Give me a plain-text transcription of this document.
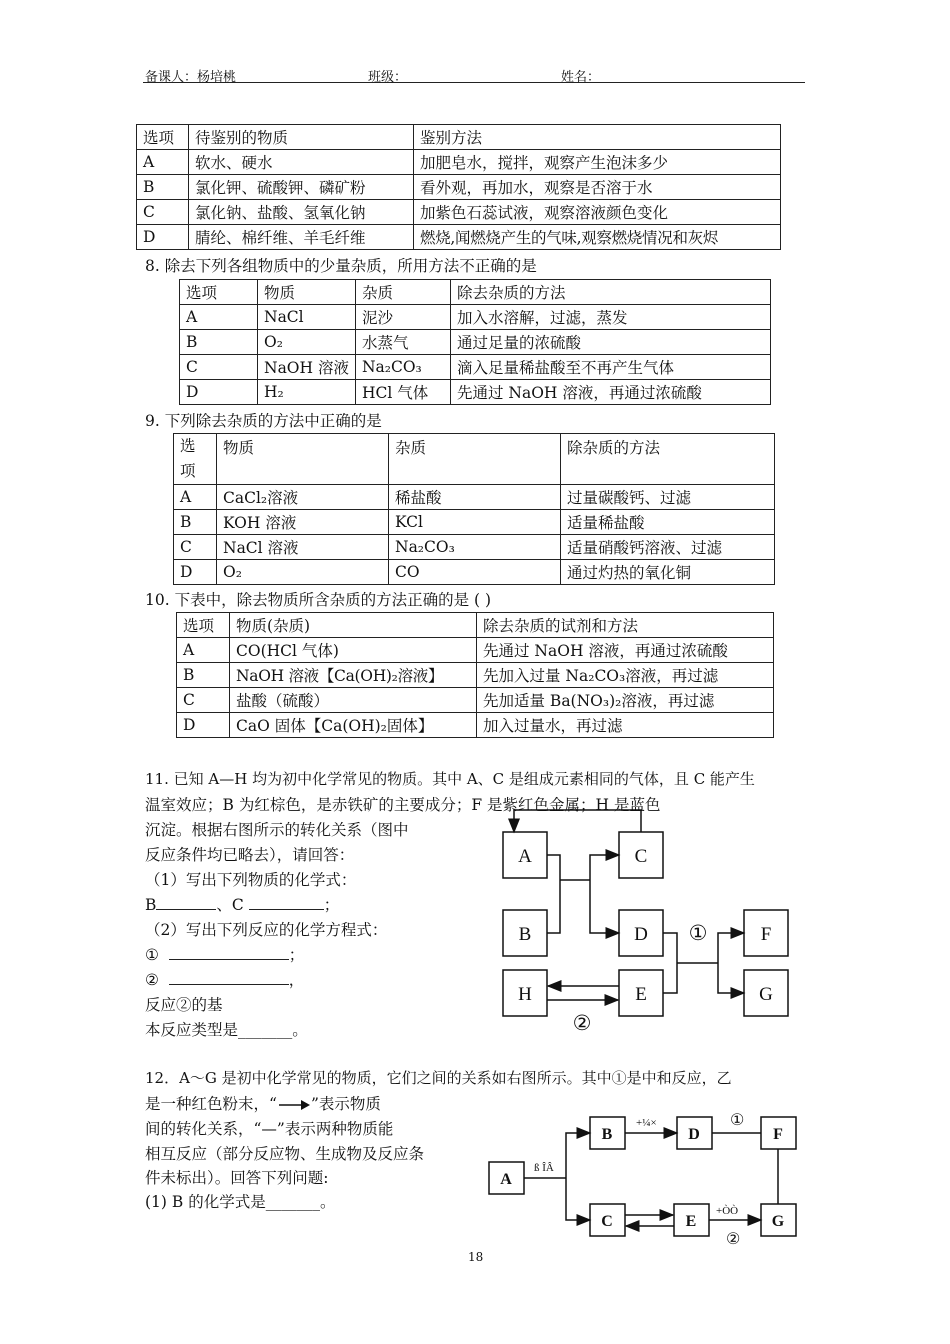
备课人：杨培桃	班级：	姓名：
选项	待鉴别的物质	鉴别方法
A	软水、硬水	加肥皂水，搅拌，观察产生泡沫多少
B	氯化钾、硫酸钾、磷矿粉	看外观，再加水，观察是否溶于水
C	氯化钠、盐酸、氢氧化钠	加紫色石蕊试液，观察溶液颜色变化
D	腈纶、棉纤维、羊毛纤维	燃烧,闻燃烧产生的气味,观察燃烧情况和灰烬
8. 除去下列各组物质中的少量杂质，所用方法不正确的是
选项	物质	杂质	除去杂质的方法
A	NaCl	泥沙	加入水溶解，过滤，蒸发
B	O₂	水蒸气	通过足量的浓硫酸
C	NaOH 溶液	Na₂CO₃	滴入足量稀盐酸至不再产生气体
D	H₂	HCl 气体	先通过 NaOH 溶液，再通过浓硫酸
9. 下列除去杂质的方法中正确的是
选
项	物质	杂质	除杂质的方法
A	CaCl₂溶液	稀盐酸	过量碳酸钙、过滤
B	KOH 溶液	KCl	适量稀盐酸
C	NaCl 溶液	Na₂CO₃	适量硝酸钙溶液、过滤
D	O₂	CO	通过灼热的氧化铜
10. 下表中，除去物质所含杂质的方法正确的是 ( )
选项	物质(杂质)	除去杂质的试剂和方法
A	CO(HCl 气体)	先通过 NaOH 溶液，再通过浓硫酸
B	NaOH 溶液【Ca(OH)₂溶液】	先加入过量 Na₂CO₃溶液，再过滤
C	盐酸（硫酸）	先加适量 Ba(NO₃)₂溶液，再过滤
D	CaO 固体【Ca(OH)₂固体】	加入过量水，再过滤
11. 已知 A—H 均为初中化学常见的物质。其中 A、C 是组成元素相同的气体，且 C 能产生
温室效应；B 为红棕色，是赤铁矿的主要成分；F 是紫红色金属；H 是蓝色
沉淀。根据右图所示的转化关系（图中
反应条件均已略去），请回答：
（1）写出下列物质的化学式：
B	、C	；
（2）写出下列反应的化学方程式：
①	；
②	，
反应②的基
本反应类型是_______。
A	C
B	D	F
G
H	E
①
②
12．A～G 是初中化学常见的物质，它们之间的关系如右图所示。其中①是中和反应，乙
是一种红色粉末，“ ”表示物质
间的转化关系，“—”表示两种物质能
相互反应（部分反应物、生成物及反应条
件未标出）。回答下列问题:
(1) B 的化学式是_______。
A
B	D	F
C	E	G
ß ÎÂ
+¼×
+ÒÒ
①
②
18
